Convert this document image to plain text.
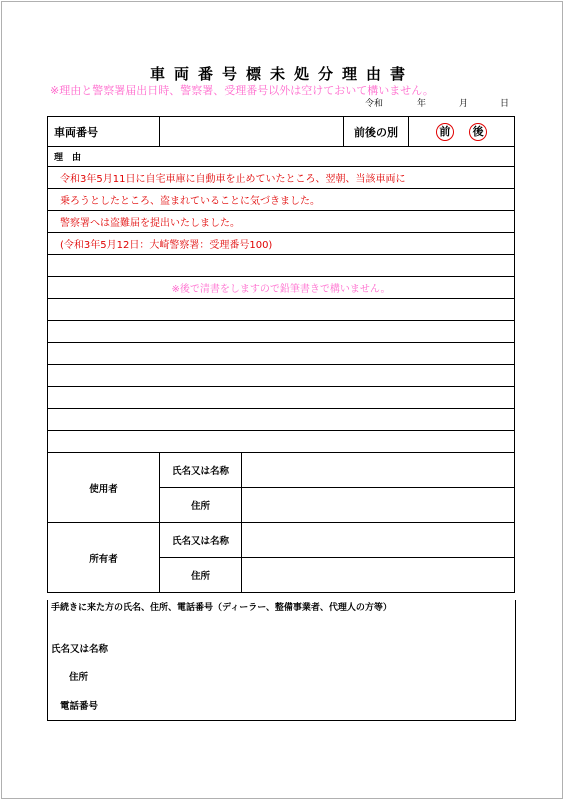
車両番号標未処分理由書
※理由と警察署届出日時、警察署、受理番号以外は空けておいて構いません。
令和	年	月	日
車両番号			前後の別	前 後
理　由				
令和3年5月11日に自宅車庫に自動車を止めていたところ、翌朝、当該車両に				
乗ろうとしたところ、盗まれていることに気づきました。				
警察署へは盗難届を提出いたしました。				
(令和3年5月12日：大崎警察署：受理番号100)				

※後で清書をしますので鉛筆書きで構いません。				

使用者	氏名又は名称			
	住所			
所有者	氏名又は名称			
	住所			
手続きに来た方の氏名、住所、電話番号（ディーラー、整備事業者、代理人の方等）
氏名又は名称
住所
電話番号
